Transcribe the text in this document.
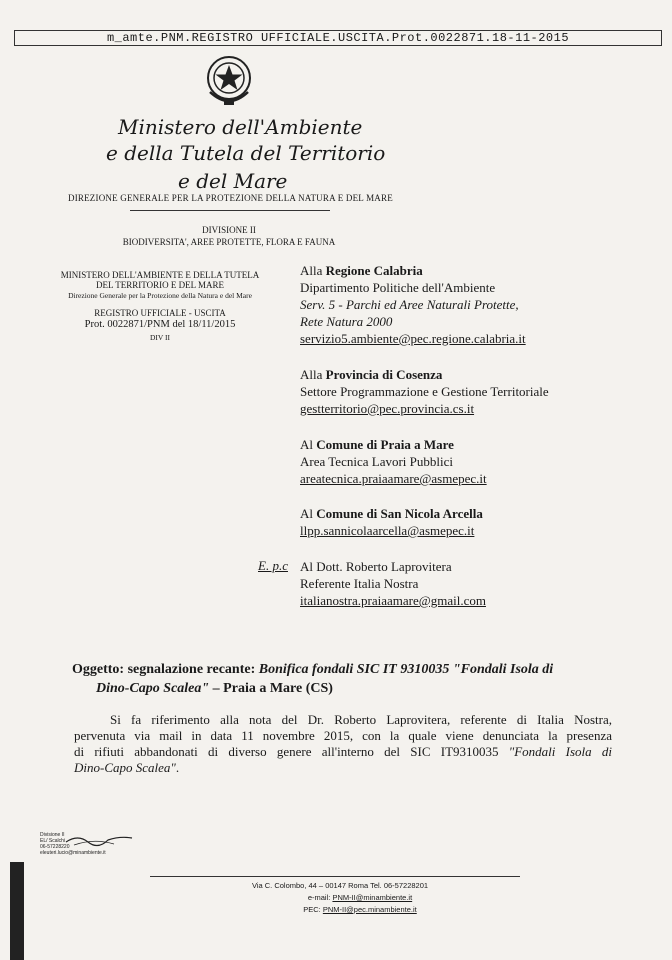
m_amte.PNM.REGISTRO UFFICIALE.USCITA.Prot.0022871.18-11-2015
Ministero dell'Ambiente
e della Tutela del Territorio
e del Mare
DIREZIONE GENERALE PER LA PROTEZIONE DELLA NATURA E DEL MARE
DIVISIONE II
BIODIVERSITA', AREE PROTETTE, FLORA E FAUNA
MINISTERO DELL'AMBIENTE E DELLA TUTELA
DEL TERRITORIO E DEL MARE
Direzione Generale per la Protezione della Natura e del Mare
REGISTRO UFFICIALE - USCITA
Prot. 0022871/PNM del 18/11/2015
DIV II
Alla Regione Calabria
Dipartimento Politiche dell'Ambiente
Serv. 5 - Parchi ed Aree Naturali Protette,
Rete Natura 2000
servizio5.ambiente@pec.regione.calabria.it
Alla Provincia di Cosenza
Settore Programmazione e Gestione Territoriale
gestterritorio@pec.provincia.cs.it
Al Comune di Praia a Mare
Area Tecnica Lavori Pubblici
areatecnica.praiaamare@asmepec.it
Al Comune di San Nicola Arcella
llpp.sannicolaarcella@asmepec.it
E. p.c Al Dott. Roberto Laprovitera
Referente Italia Nostra
italianostra.praiaamare@gmail.com
Oggetto: segnalazione recante: Bonifica fondali SIC IT 9310035 "Fondali Isola di
Dino-Capo Scalea" – Praia a Mare (CS)
Si fa riferimento alla nota del Dr. Roberto Laprovitera, referente di Italia Nostra,
pervenuta via mail in data 11 novembre 2015, con la quale viene denunciata la presenza
di rifiuti abbandonati di diverso genere all'interno del SIC IT9310035 "Fondali Isola di
Dino-Capo Scalea".
Divisione II
EL/ Scalchi
06-57228220
eleuteri.lucio@minambiente.it
Via C. Colombo, 44 – 00147 Roma Tel. 06-57228201
e-mail: PNM-II@minambiente.it
PEC: PNM-II@pec.minambiente.it
